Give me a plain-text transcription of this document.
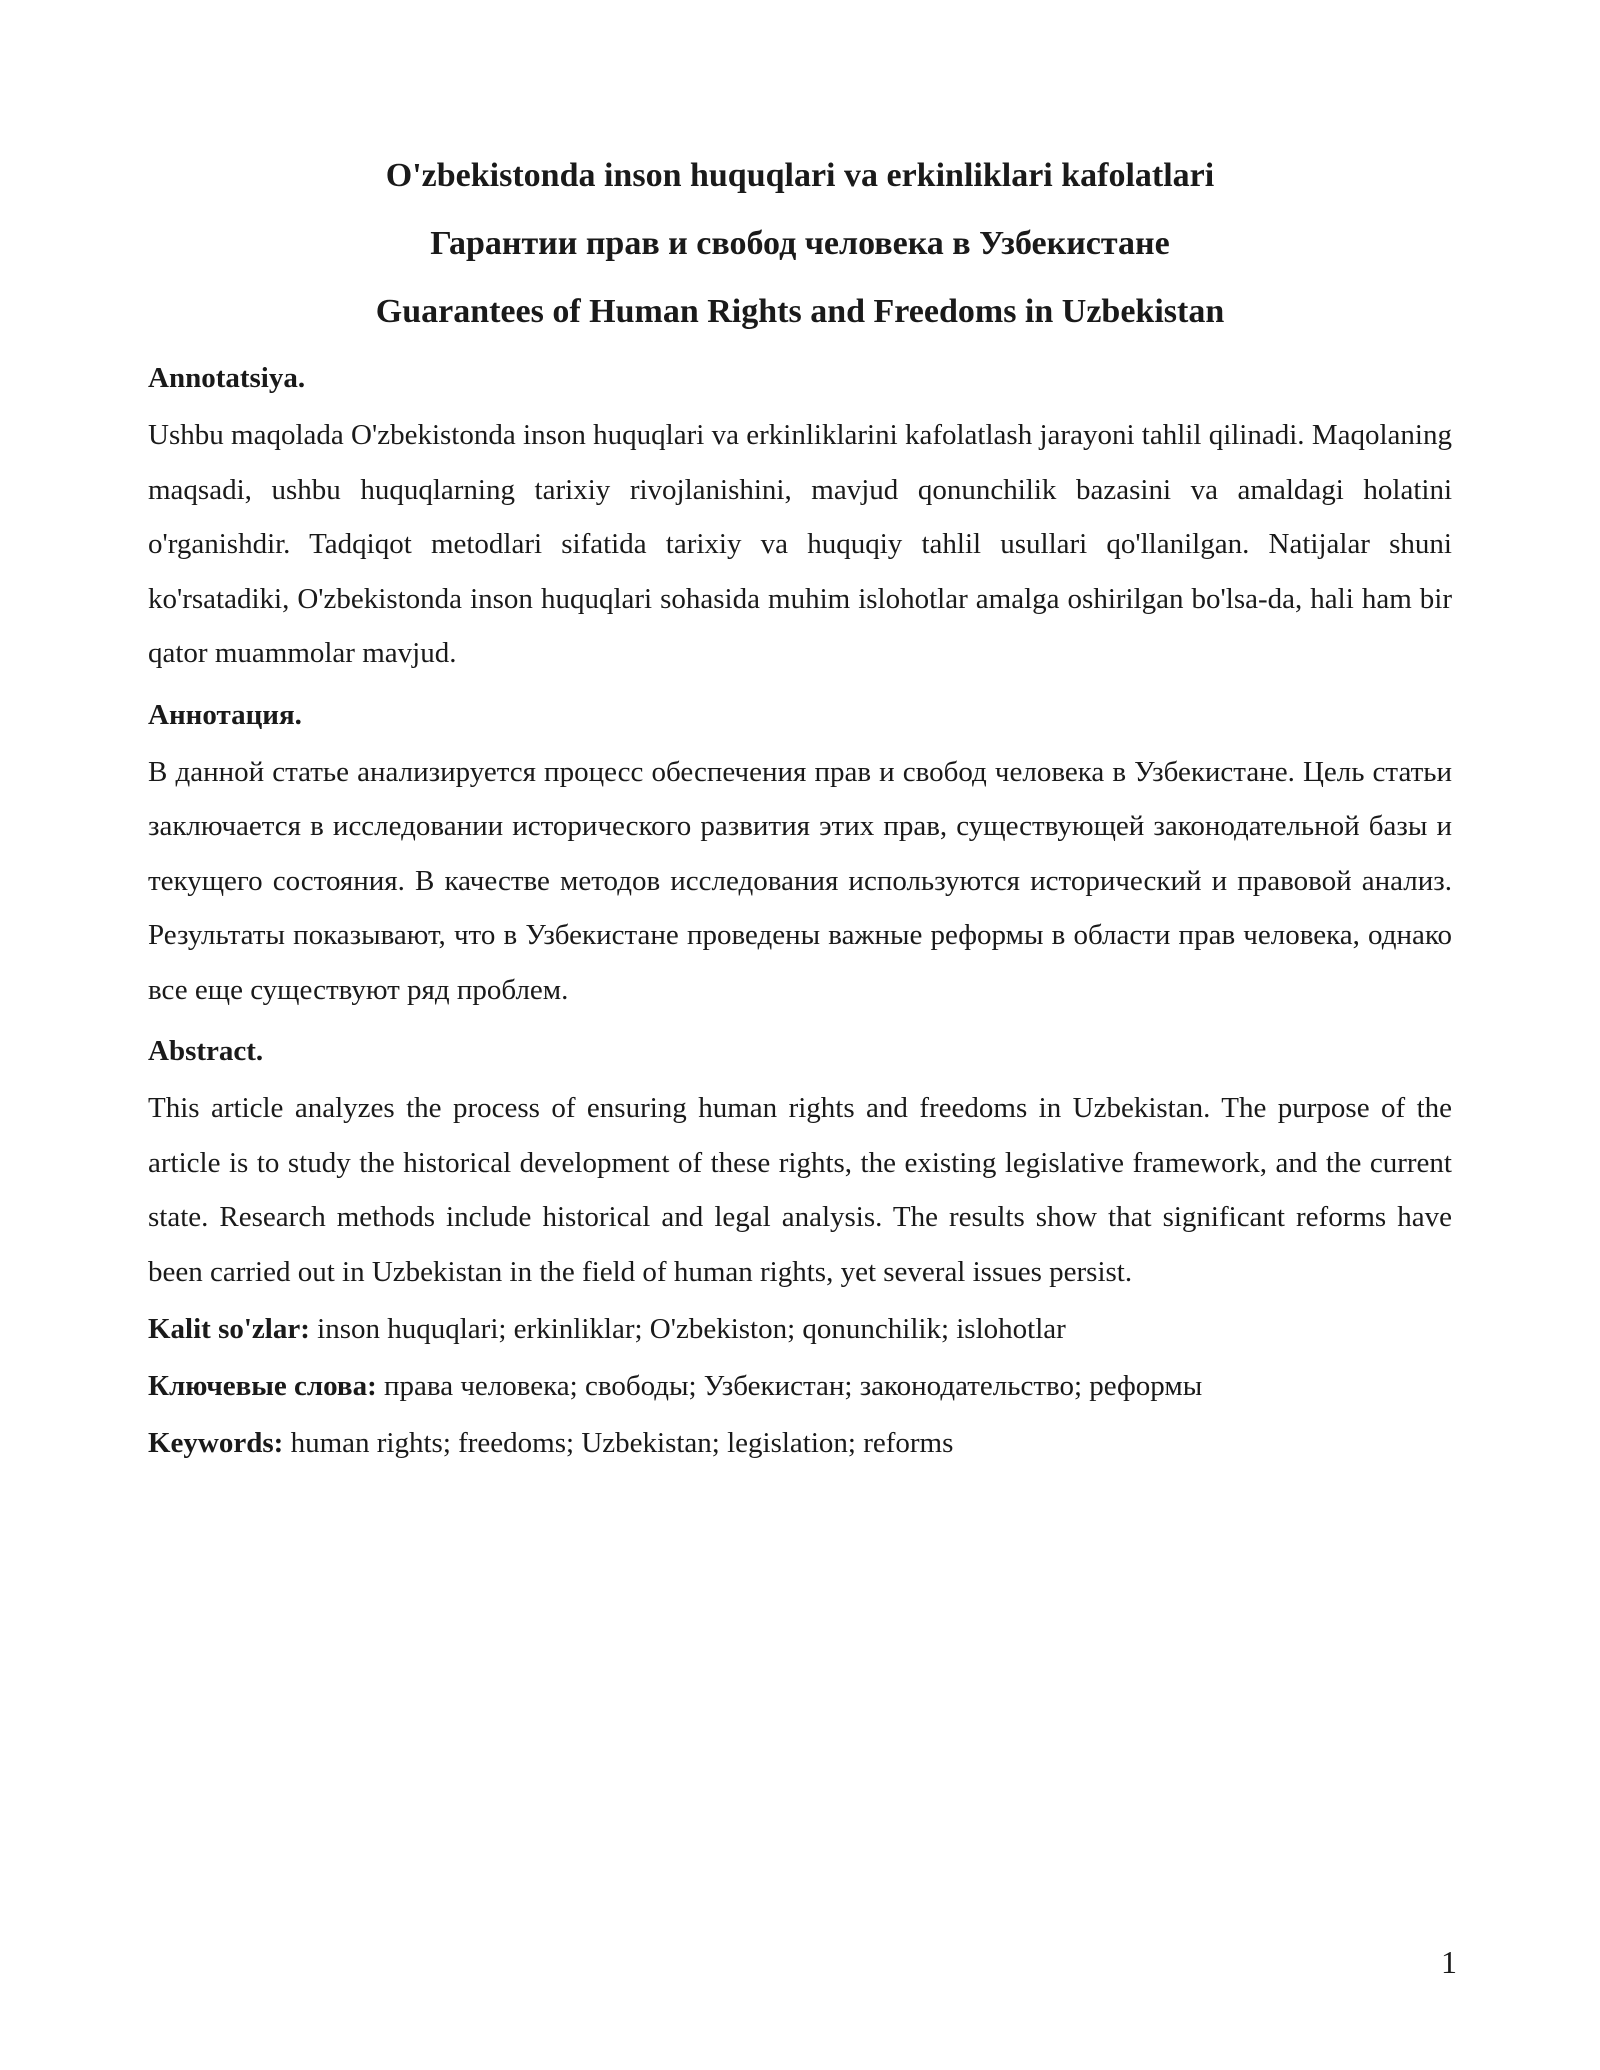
O'zbekistonda inson huquqlari va erkinliklari kafolatlari
Гарантии прав и свобод человека в Узбекистане
Guarantees of Human Rights and Freedoms in Uzbekistan

Annotatsiya.

Ushbu maqolada O'zbekistonda inson huquqlari va erkinliklarini kafolatlash jarayoni tahlil qilinadi. Maqolaning maqsadi, ushbu huquqlarning tarixiy rivojlanishini, mavjud qonunchilik bazasini va amaldagi holatini o'rganishdir. Tadqiqot metodlari sifatida tarixiy va huquqiy tahlil usullari qo'llanilgan. Natijalar shuni ko'rsatadiki, O'zbekistonda inson huquqlari sohasida muhim islohotlar amalga oshirilgan bo'lsa-da, hali ham bir qator muammolar mavjud.

Аннотация.

В данной статье анализируется процесс обеспечения прав и свобод человека в Узбекистане. Цель статьи заключается в исследовании исторического развития этих прав, существующей законодательной базы и текущего состояния. В качестве методов исследования используются исторический и правовой анализ. Результаты показывают, что в Узбекистане проведены важные реформы в области прав человека, однако все еще существуют ряд проблем.

Abstract.

This article analyzes the process of ensuring human rights and freedoms in Uzbekistan. The purpose of the article is to study the historical development of these rights, the existing legislative framework, and the current state. Research methods include historical and legal analysis. The results show that significant reforms have been carried out in Uzbekistan in the field of human rights, yet several issues persist.

Kalit so'zlar: inson huquqlari; erkinliklar; O'zbekiston; qonunchilik; islohotlar

Ключевые слова: права человека; свободы; Узбекистан; законодательство; реформы

Keywords: human rights; freedoms; Uzbekistan; legislation; reforms

1
